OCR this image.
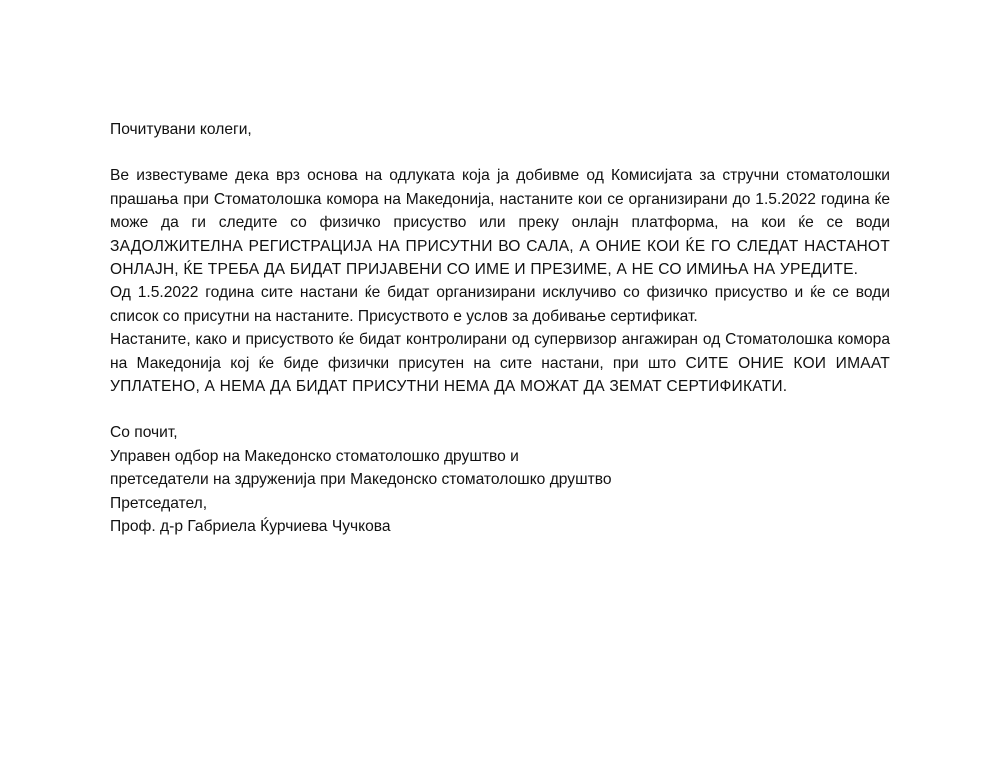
Почитувани колеги,

Ве известуваме дека врз основа на одлуката која ја добивме од Комисијата за стручни стоматолошки прашања при Стоматолошка комора на Македонија, настаните кои се организирани до 1.5.2022 година ќе може да ги следите со физичко присуство или преку онлајн платформа, на кои ќе се води ЗАДОЛЖИТЕЛНА РЕГИСТРАЦИЈА НА ПРИСУТНИ ВО САЛА, А ОНИЕ КОИ ЌЕ ГО СЛЕДАТ НАСТАНОТ ОНЛАЈН, ЌЕ ТРЕБА ДА БИДАТ ПРИЈАВЕНИ СО ИМЕ И ПРЕЗИМЕ, А НЕ СО ИМИЊА НА УРЕДИТЕ.

Од 1.5.2022 година сите настани ќе бидат организирани исклучиво со физичко присуство и ќе се води список со присутни на настаните. Присуството е услов за добивање сертификат.

Настаните, како и присуството ќе бидат контролирани од супервизор ангажиран од Стоматолошка комора на Македонија кој ќе биде физички присутен на сите настани, при што СИТЕ ОНИЕ КОИ ИМААТ УПЛАТЕНО, А НЕМА ДА БИДАТ ПРИСУТНИ НЕМА ДА МОЖАТ ДА ЗЕМАТ СЕРТИФИКАТИ.

Со почит,
Управен одбор на Македонско стоматолошко друштво и
претседатели на здруженија при Македонско стоматолошко друштво
Претседател,
Проф. д-р Габриела Ќурчиева Чучкова
